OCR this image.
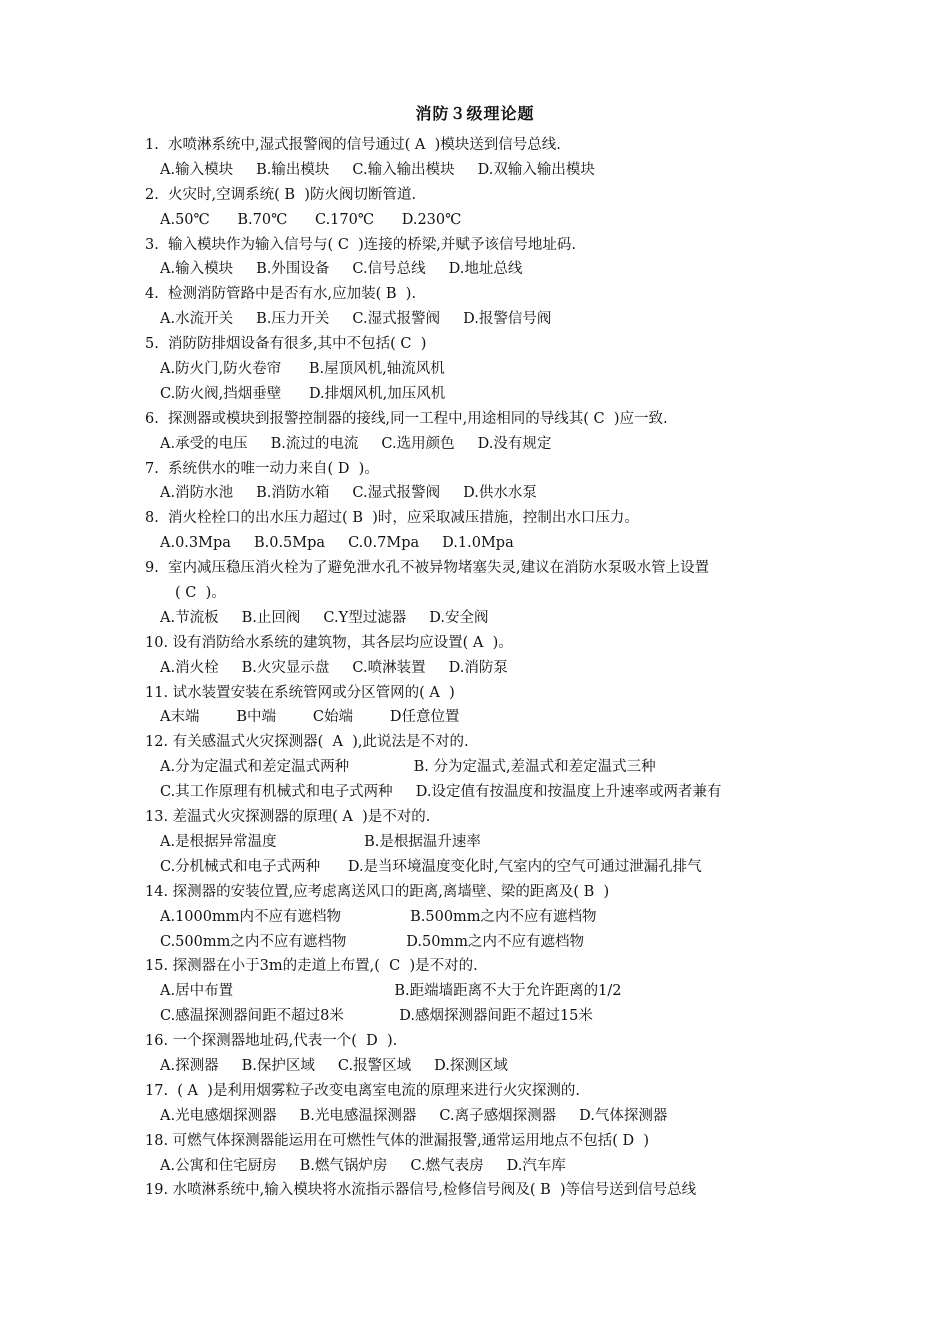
消防３级理论题
1.  水喷淋系统中,湿式报警阀的信号通过( A  )模块送到信号总线.
A.输入模块     B.输出模块     C.输入输出模块     D.双输入输出模块
2.  火灾时,空调系统( B  )防火阀切断管道.
A.50℃      B.70℃      C.170℃      D.230℃
3.  输入模块作为输入信号与( C  )连接的桥梁,并赋予该信号地址码.
A.输入模块     B.外围设备     C.信号总线     D.地址总线
4.  检测消防管路中是否有水,应加装( B  ).
A.水流开关     B.压力开关     C.湿式报警阀     D.报警信号阀
5.  消防防排烟设备有很多,其中不包括( C  )
A.防火门,防火卷帘      B.屋顶风机,轴流风机
C.防火阀,挡烟垂壁      D.排烟风机,加压风机
6.  探测器或模块到报警控制器的接线,同一工程中,用途相同的导线其( C  )应一致.
A.承受的电压     B.流过的电流     C.选用颜色     D.没有规定
7.  系统供水的唯一动力来自( D  )。
A.消防水池     B.消防水箱     C.湿式报警阀     D.供水水泵
8.  消火栓栓口的出水压力超过( B  )时，应采取减压措施，控制出水口压力。
A.0.3Mpa     B.0.5Mpa     C.0.7Mpa     D.1.0Mpa
9.  室内减压稳压消火栓为了避免泄水孔不被异物堵塞失灵,建议在消防水泵吸水管上设置
( C  )。
A.节流板     B.止回阀     C.Y型过滤器     D.安全阀
10. 设有消防给水系统的建筑物，其各层均应设置( A  )。
A.消火栓     B.火灾显示盘     C.喷淋装置     D.消防泵
11. 试水装置安装在系统管网或分区管网的( A  )
A末端        B中端        C始端        D任意位置
12. 有关感温式火灾探测器(  A  ),此说法是不对的.
A.分为定温式和差定温式两种              B. 分为定温式,差温式和差定温式三种
C.其工作原理有机械式和电子式两种     D.设定值有按温度和按温度上升速率或两者兼有
13. 差温式火灾探测器的原理( A  )是不对的.
A.是根据异常温度                   B.是根据温升速率
C.分机械式和电子式两种      D.是当环境温度变化时,气室内的空气可通过泄漏孔排气
14. 探测器的安装位置,应考虑离送风口的距离,离墙壁、梁的距离及( B  )
A.1000mm内不应有遮档物               B.500mm之内不应有遮档物
C.500mm之内不应有遮档物             D.50mm之内不应有遮档物
15. 探测器在小于3m的走道上布置,(  C  )是不对的.
A.居中布置                                   B.距端墙距离不大于允许距离的1/2
C.感温探测器间距不超过8米            D.感烟探测器间距不超过15米
16. 一个探测器地址码,代表一个(  D  ).
A.探测器     B.保护区域     C.报警区域     D.探测区域
17.  ( A  )是利用烟雾粒子改变电离室电流的原理来进行火灾探测的.
A.光电感烟探测器     B.光电感温探测器     C.离子感烟探测器     D.气体探测器
18. 可燃气体探测器能运用在可燃性气体的泄漏报警,通常运用地点不包括( D  )
A.公寓和住宅厨房     B.燃气锅炉房     C.燃气表房     D.汽车库
19. 水喷淋系统中,输入模块将水流指示器信号,检修信号阀及( B  )等信号送到信号总线
